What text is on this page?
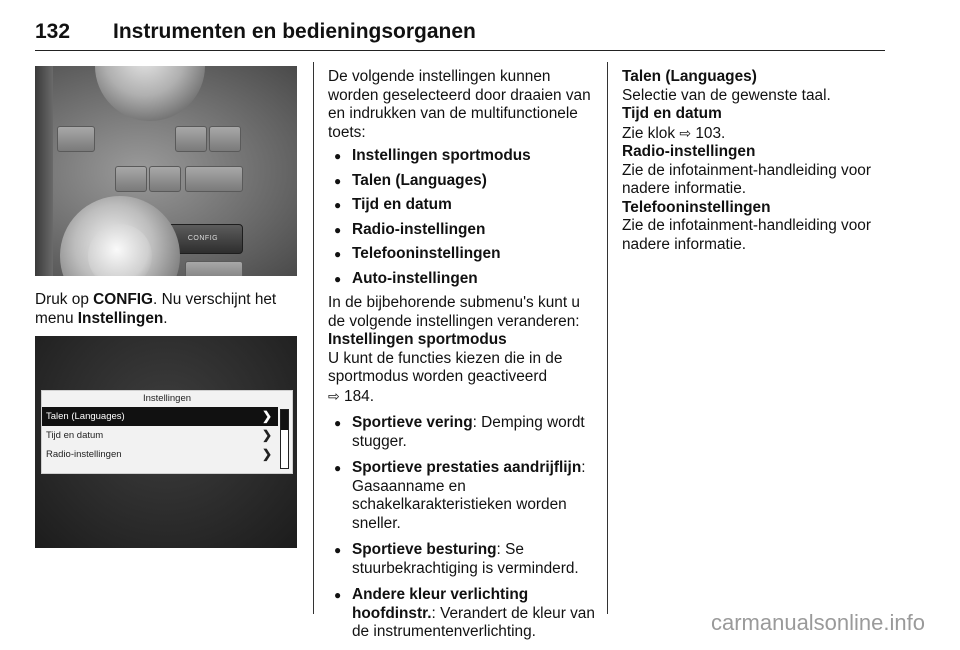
132	Instrumenten en bedieningsorganen
CONFIG

Druk op CONFIG. Nu verschijnt het menu Instellingen.

Instellingen
Talen (Languages)	❯
Tijd en datum	❯
Radio-instellingen	❯

De volgende instellingen kunnen worden geselecteerd door draaien van en indrukken van de multifunctionele toets:

● Instellingen sportmodus
● Talen (Languages)
● Tijd en datum
● Radio-instellingen
● Telefooninstellingen
● Auto-instellingen

In de bijbehorende submenu's kunt u de volgende instellingen veranderen:

Instellingen sportmodus

U kunt de functies kiezen die in de sportmodus worden geactiveerd
⇨ 184.

● Sportieve vering: Demping wordt stugger.
● Sportieve prestaties aandrijflijn: Gasaanname en schakelkarakteristieken worden sneller.
● Sportieve besturing: Se stuurbekrachtiging is verminderd.
● Andere kleur verlichting hoofdinstr.: Verandert de kleur van de instrumentenverlichting.

Talen (Languages)

Selectie van de gewenste taal.

Tijd en datum

Zie klok ⇨ 103.

Radio-instellingen

Zie de infotainment-handleiding voor nadere informatie.

Telefooninstellingen

Zie de infotainment-handleiding voor nadere informatie.

carmanualsonline.info
